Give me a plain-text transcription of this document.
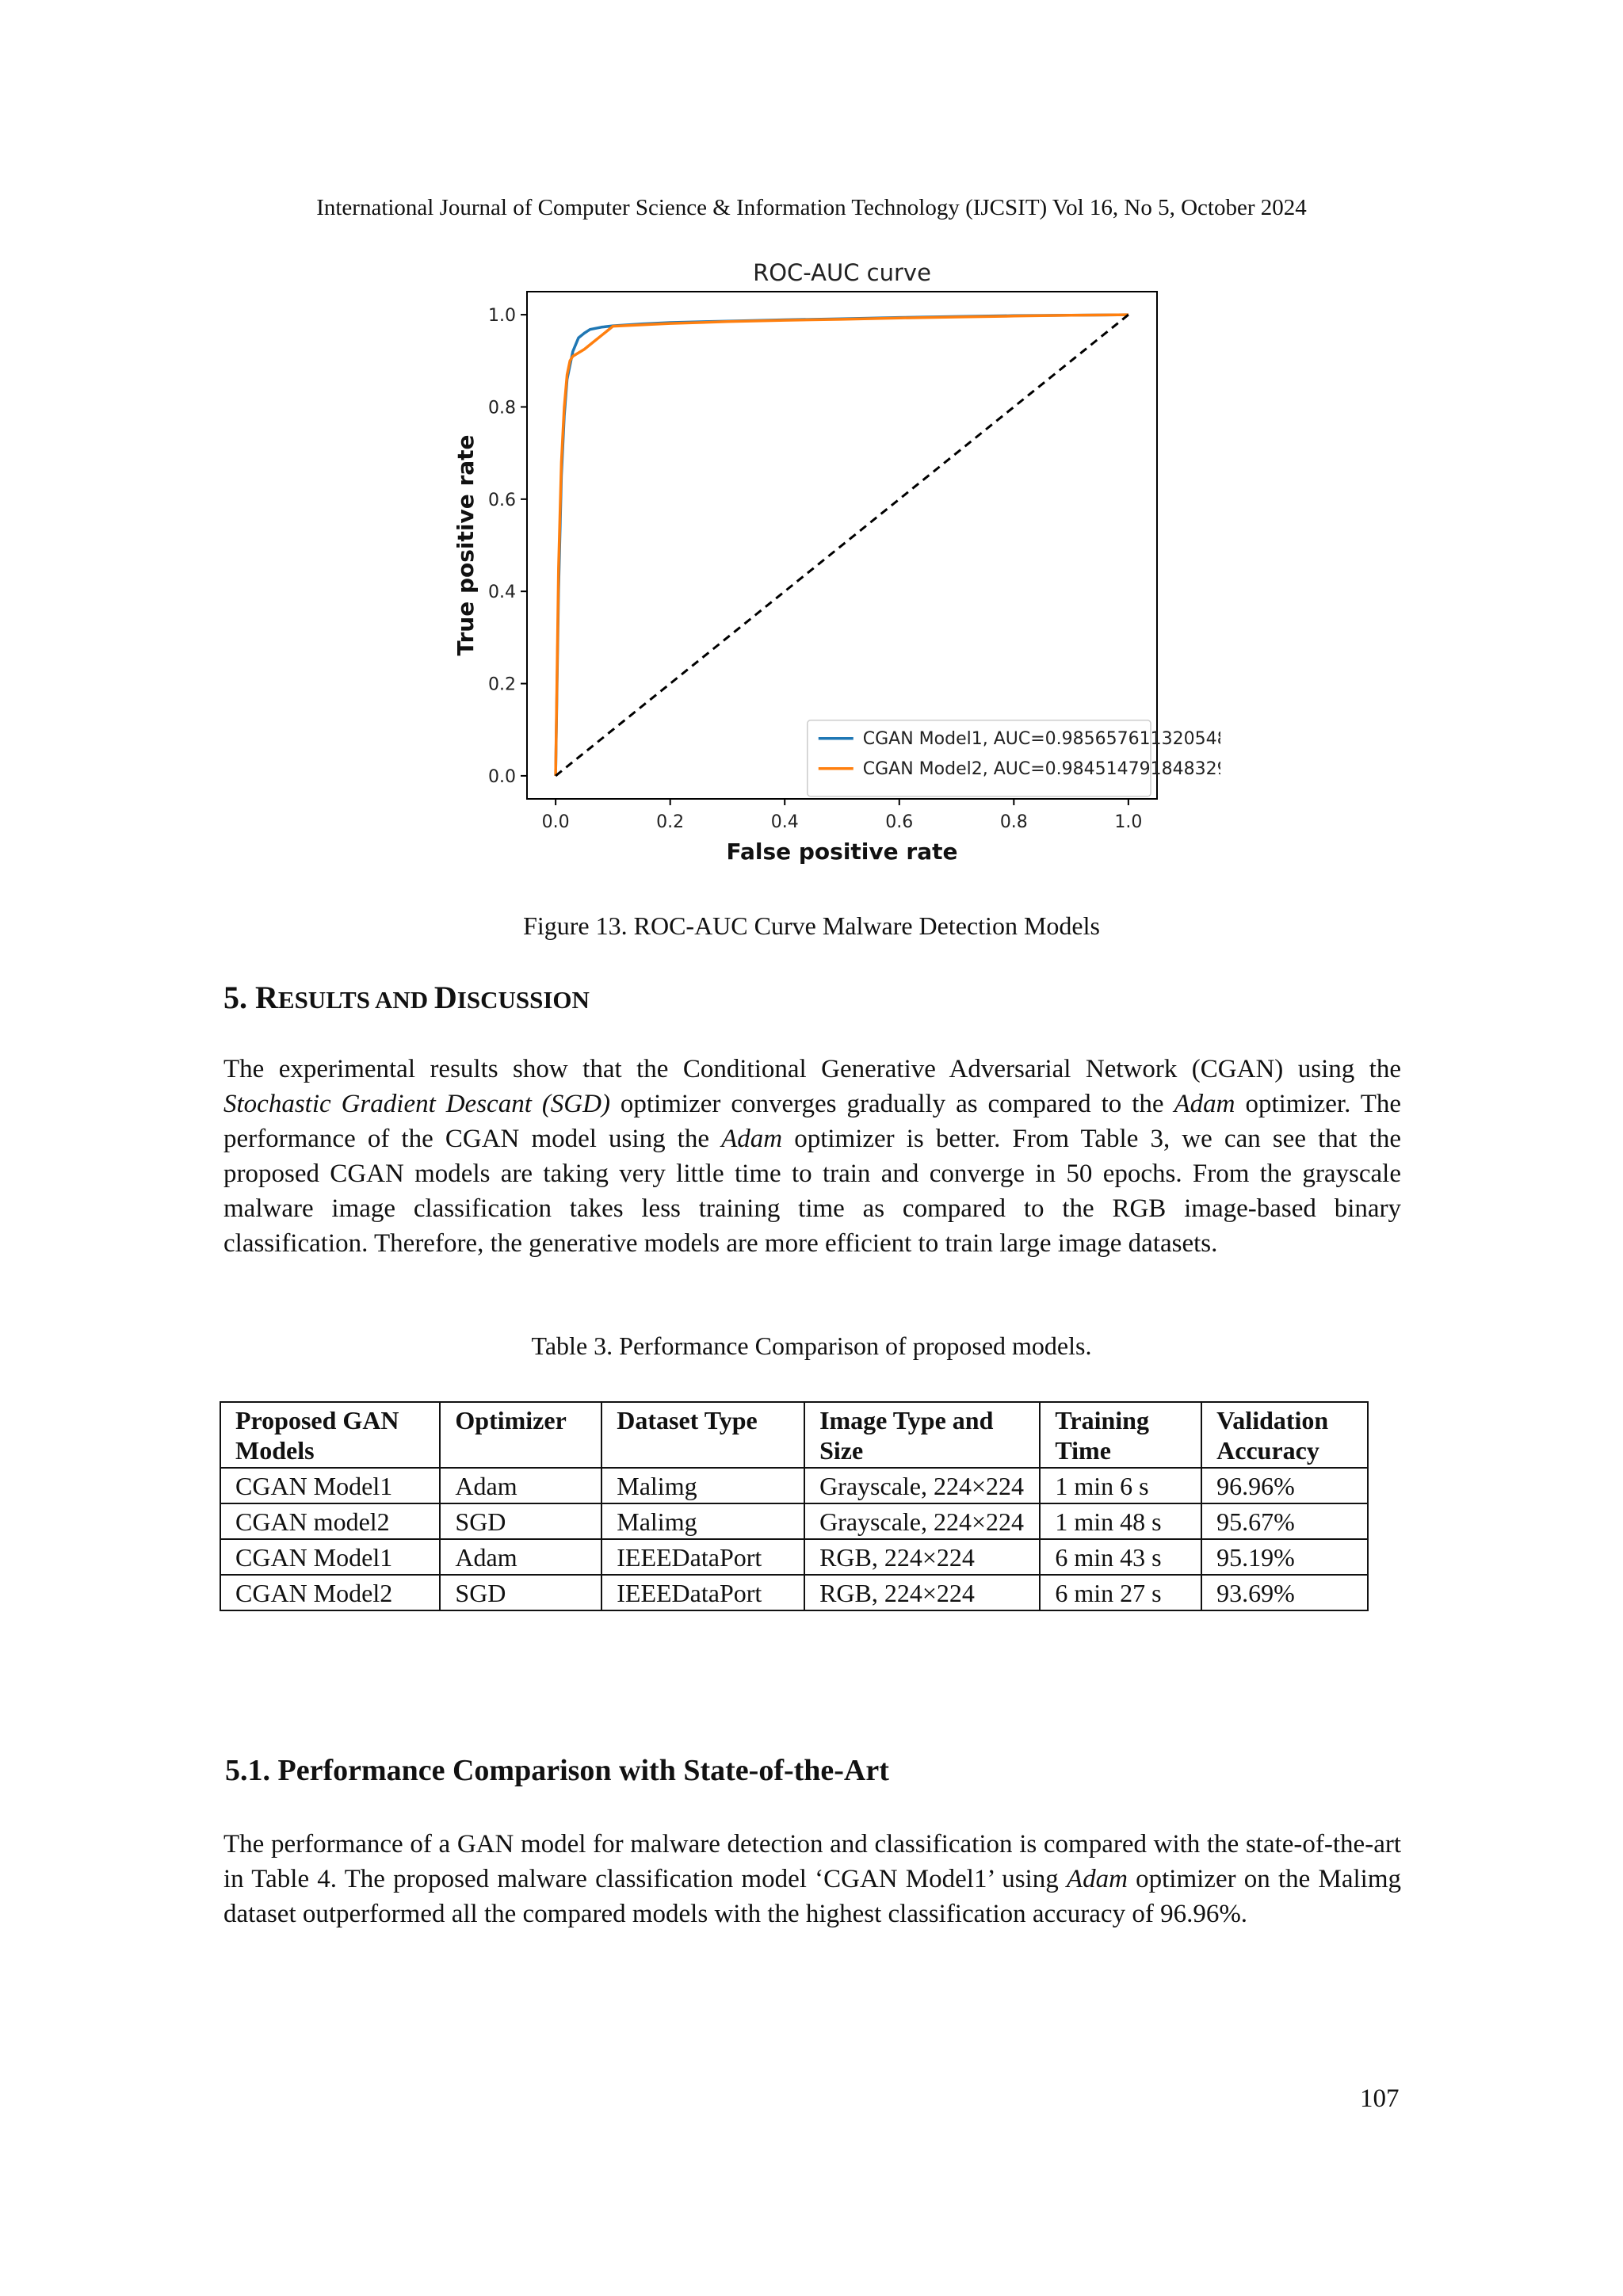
International Journal of Computer Science & Information Technology (IJCSIT) Vol 16, No 5, October 2024
ROC-AUC curve
0.0	0.2	0.4	0.6	0.8	1.0
0.0
0.2
0.4
0.6
0.8
1.0
False positive rate
True positive rate
CGAN Model1, AUC=0.9856576113205482
CGAN Model2, AUC=0.9845147918483295
Figure 13. ROC-AUC Curve Malware Detection Models
5. RESULTS AND DISCUSSION
The experimental results show that the Conditional Generative Adversarial Network (CGAN) using the Stochastic Gradient Descant (SGD) optimizer converges gradually as compared to the Adam optimizer. The performance of the CGAN model using the Adam optimizer is better. From Table 3, we can see that the proposed CGAN models are taking very little time to train and converge in 50 epochs. From the grayscale malware image classification takes less training time as compared to the RGB image-based binary classification. Therefore, the generative models are more efficient to train large image datasets.
Table 3. Performance Comparison of proposed models.
Proposed GAN Models	Optimizer	Dataset Type	Image Type and Size	Training Time	Validation Accuracy
CGAN Model1	Adam	Malimg	Grayscale, 224×224	1 min 6 s	96.96%
CGAN model2	SGD	Malimg	Grayscale, 224×224	1 min 48 s	95.67%
CGAN Model1	Adam	IEEEDataPort	RGB, 224×224	6 min 43 s	95.19%
CGAN Model2	SGD	IEEEDataPort	RGB, 224×224	6 min 27 s	93.69%
5.1. Performance Comparison with State-of-the-Art
The performance of a GAN model for malware detection and classification is compared with the state-of-the-art in Table 4. The proposed malware classification model ‘CGAN Model1’ using Adam optimizer on the Malimg dataset outperformed all the compared models with the highest classification accuracy of 96.96%.
107
